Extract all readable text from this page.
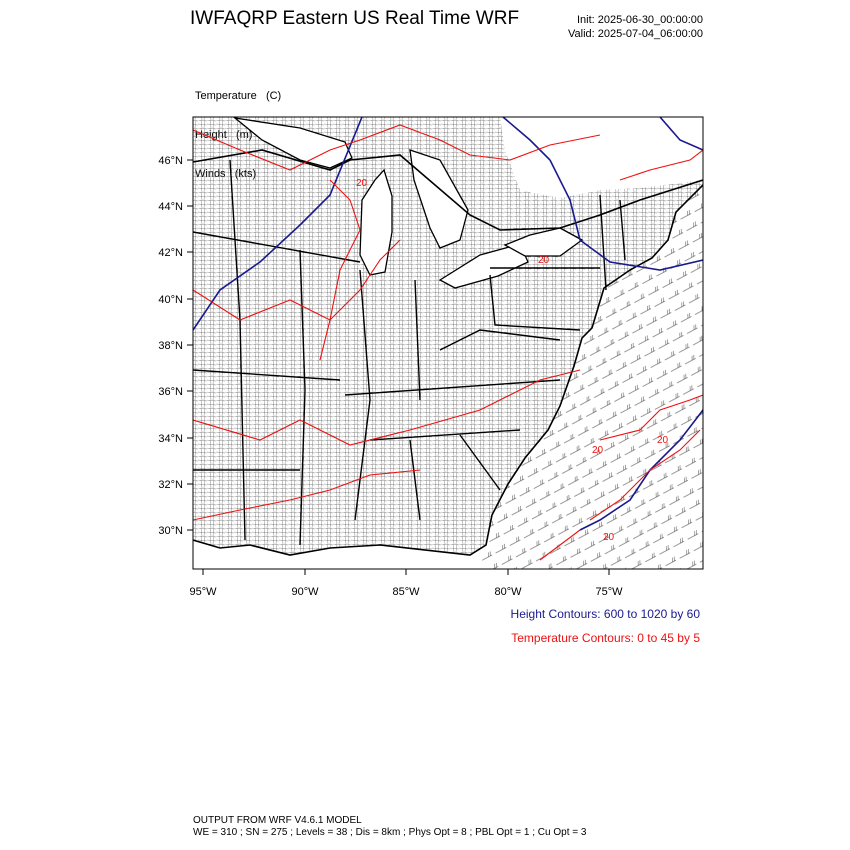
IWFAQRP Eastern US Real Time WRF	Init: 2025-06-30_00:00:00
Valid: 2025-07-04_06:00:00

Temperature (C)

20
20
20
20
20
46°N
44°N
42°N
40°N
38°N
36°N
34°N
32°N
30°N
95°W	90°W	85°W	80°W	75°W
Height Contours: 600 to 1020 by 60
Temperature Contours: 0 to 45 by 5
OUTPUT FROM WRF V4.6.1 MODEL
WE = 310 ; SN = 275 ; Levels = 38 ; Dis = 8km ; Phys Opt = 8 ; PBL Opt = 1 ; Cu Opt = 3
